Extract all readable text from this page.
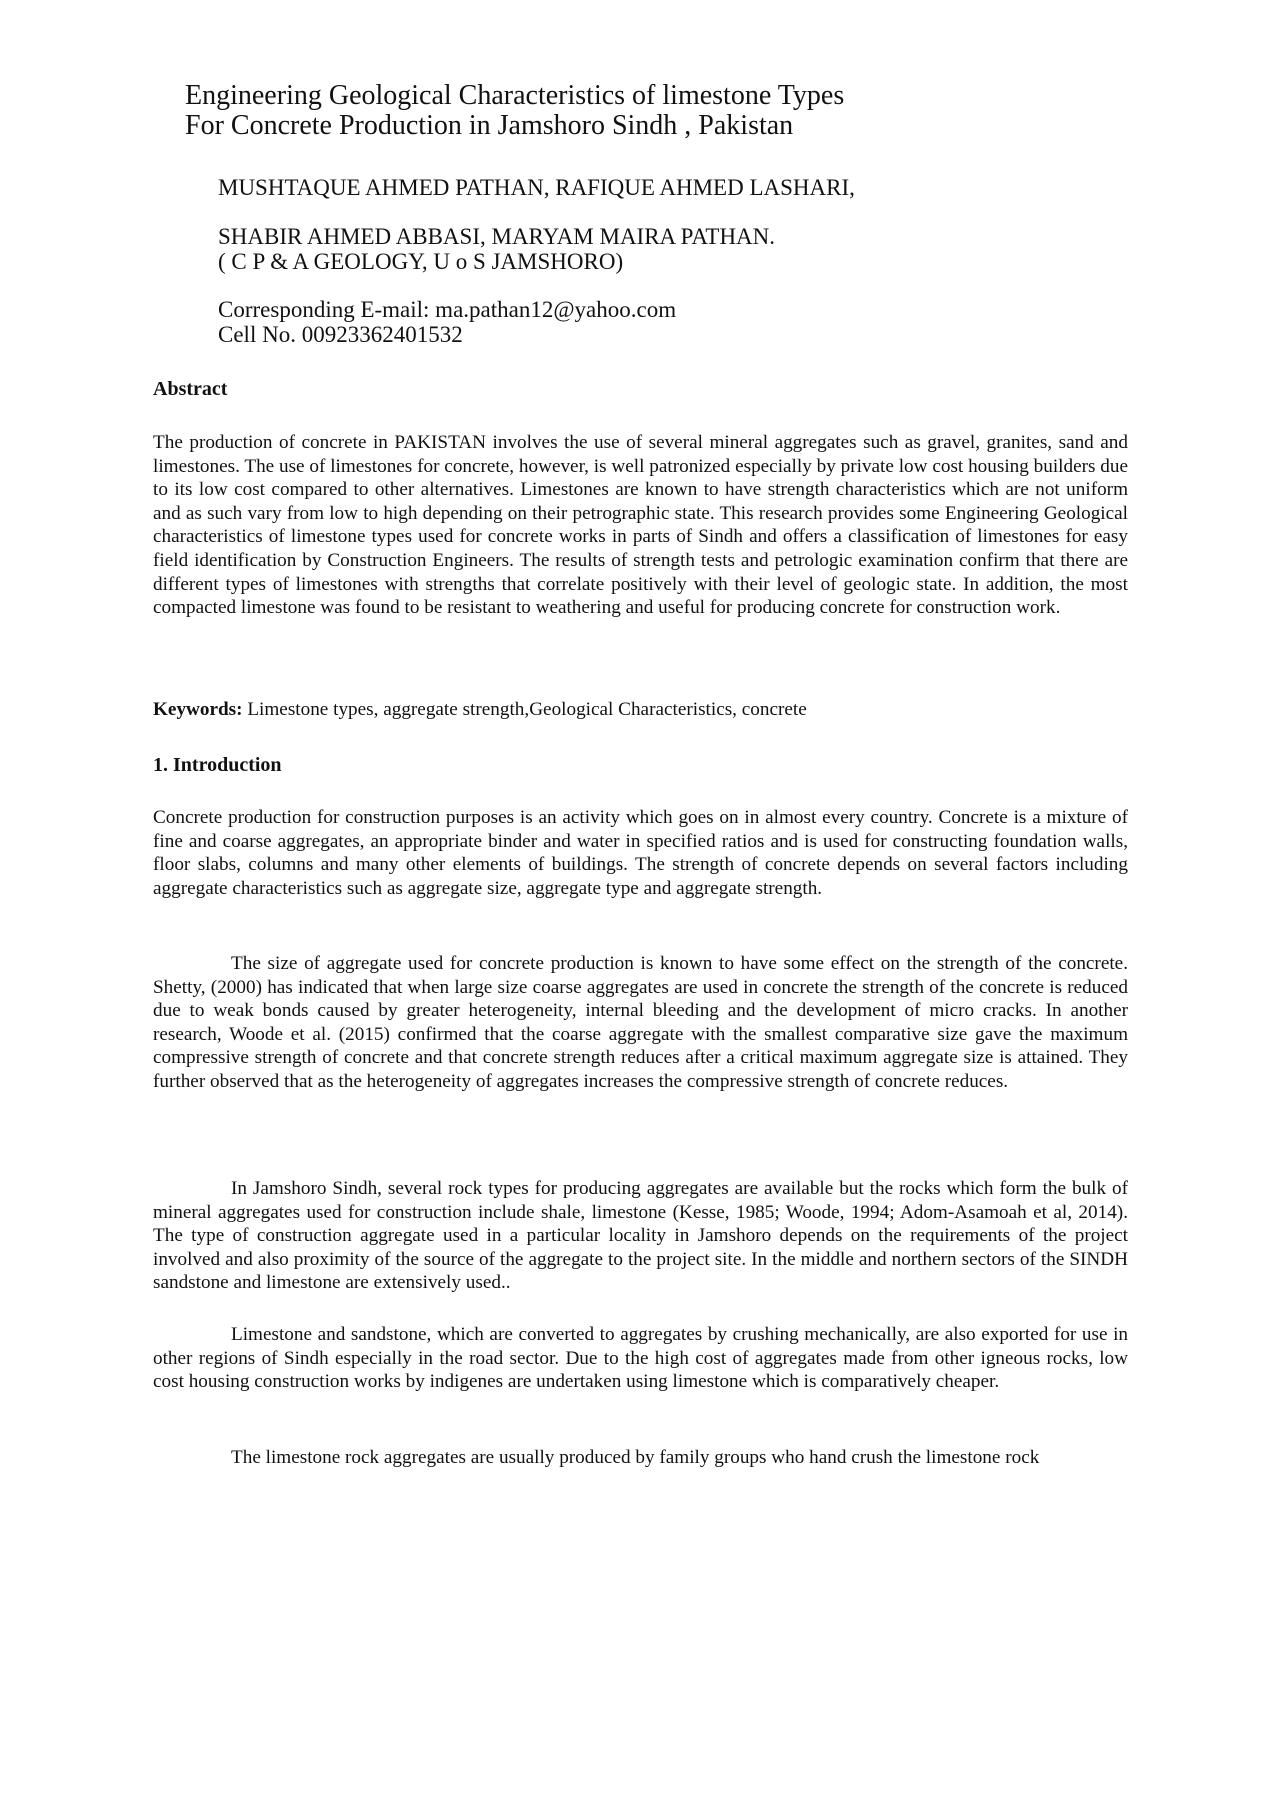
Engineering Geological Characteristics of limestone Types
For Concrete Production in Jamshoro Sindh , Pakistan

MUSHTAQUE AHMED PATHAN, RAFIQUE AHMED LASHARI,

SHABIR AHMED ABBASI, MARYAM MAIRA PATHAN.
( C P & A GEOLOGY, U o S JAMSHORO)

Corresponding E-mail: ma.pathan12@yahoo.com
Cell No. 00923362401532

Abstract

The production of concrete in PAKISTAN involves the use of several mineral aggregates such as gravel, granites, sand and limestones. The use of limestones for concrete, however, is well patronized especially by private low cost housing builders due to its low cost compared to other alternatives. Limestones are known to have strength characteristics which are not uniform and as such vary from low to high depending on their petrographic state. This research provides some Engineering Geological characteristics of limestone types used for concrete works in parts of Sindh and offers a classification of limestones for easy field identification by Construction Engineers. The results of strength tests and petrologic examination confirm that there are different types of limestones with strengths that correlate positively with their level of geologic state. In addition, the most compacted limestone was found to be resistant to weathering and useful for producing concrete for construction work.

Keywords: Limestone types, aggregate strength,Geological Characteristics, concrete

1. Introduction

Concrete production for construction purposes is an activity which goes on in almost every country. Concrete is a mixture of fine and coarse aggregates, an appropriate binder and water in specified ratios and is used for constructing foundation walls, floor slabs, columns and many other elements of buildings. The strength of concrete depends on several factors including aggregate characteristics such as aggregate size, aggregate type and aggregate strength.

The size of aggregate used for concrete production is known to have some effect on the strength of the concrete. Shetty, (2000) has indicated that when large size coarse aggregates are used in concrete the strength of the concrete is reduced due to weak bonds caused by greater heterogeneity, internal bleeding and the development of micro cracks. In another research, Woode et al. (2015) confirmed that the coarse aggregate with the smallest comparative size gave the maximum compressive strength of concrete and that concrete strength reduces after a critical maximum aggregate size is attained. They further observed that as the heterogeneity of aggregates increases the compressive strength of concrete reduces.

In Jamshoro Sindh, several rock types for producing aggregates are available but the rocks which form the bulk of mineral aggregates used for construction include shale, limestone (Kesse, 1985; Woode, 1994; Adom-Asamoah et al, 2014). The type of construction aggregate used in a particular locality in Jamshoro depends on the requirements of the project involved and also proximity of the source of the aggregate to the project site. In the middle and northern sectors of the SINDH sandstone and limestone are extensively used..

Limestone and sandstone, which are converted to aggregates by crushing mechanically, are also exported for use in other regions of Sindh especially in the road sector. Due to the high cost of aggregates made from other igneous rocks, low cost housing construction works by indigenes are undertaken using limestone which is comparatively cheaper.

The limestone rock aggregates are usually produced by family groups who hand crush the limestone rock
